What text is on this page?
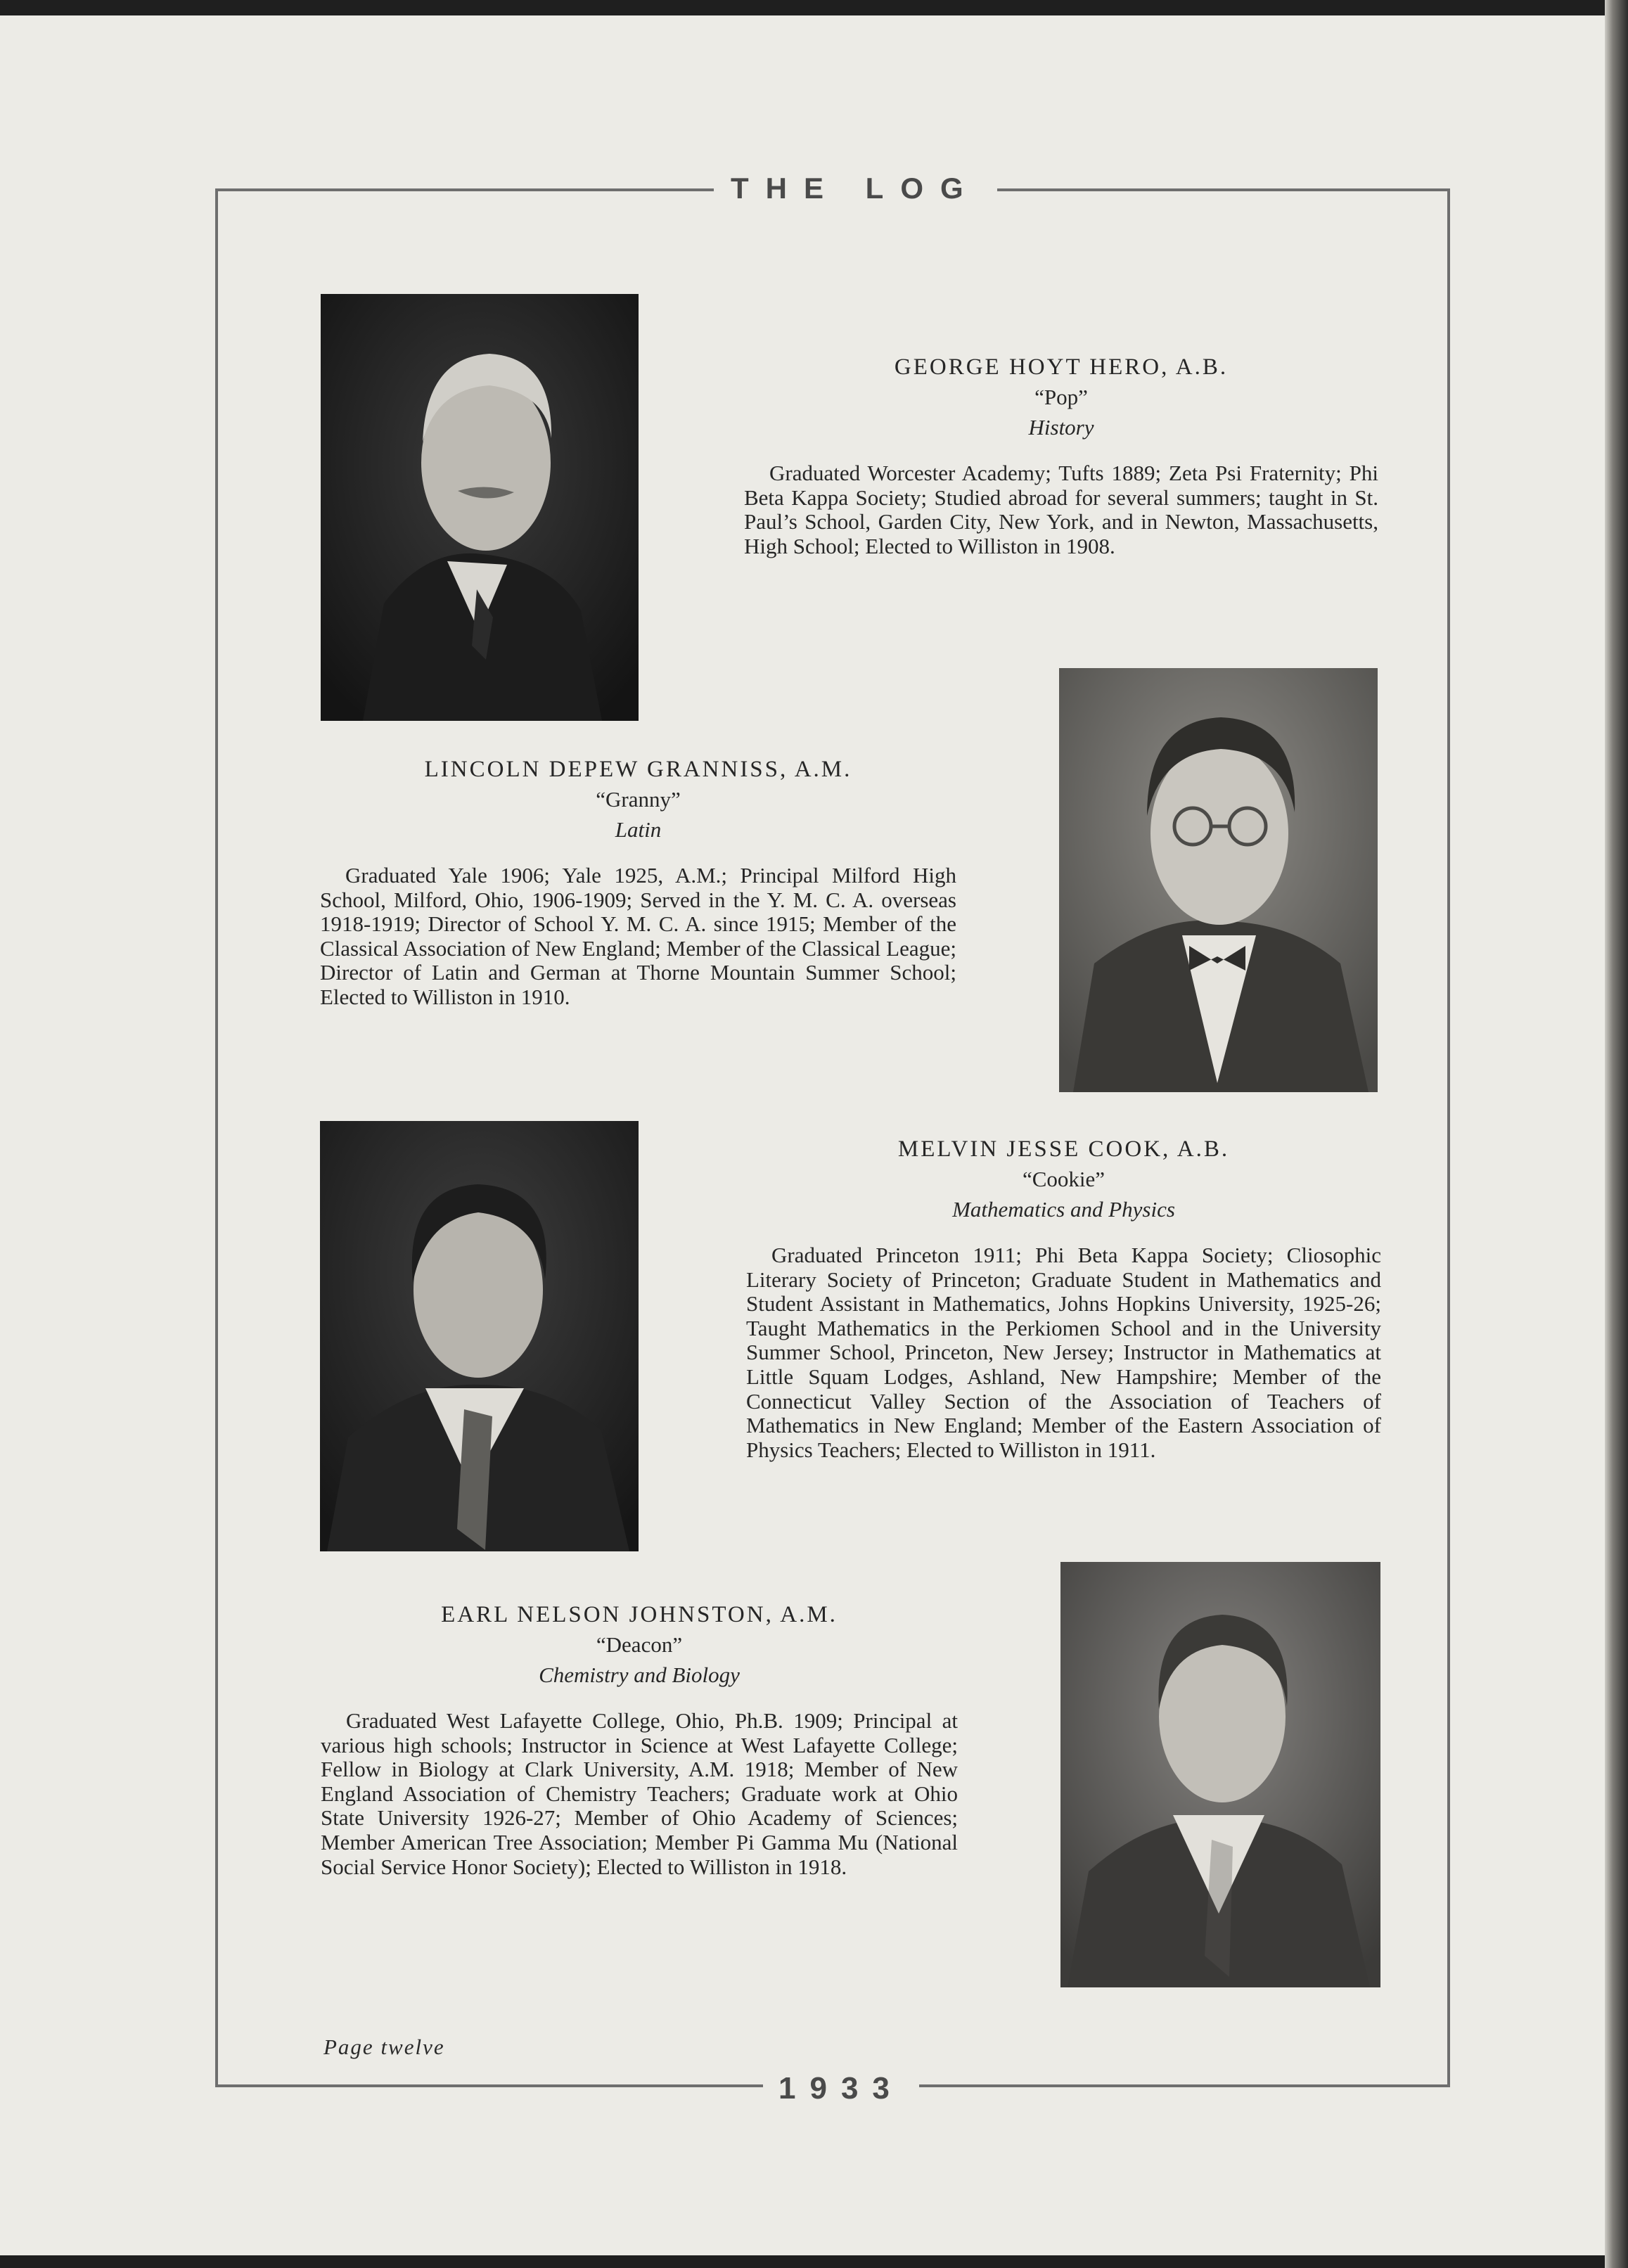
THE LOG
1933

GEORGE HOYT HERO, A.B.

“Pop”

History

Graduated Worcester Academy; Tufts 1889; Zeta Psi Fraternity; Phi Beta Kappa Society; Studied abroad for several summers; taught in St. Paul’s School, Garden City, New York, and in Newton, Massachusetts, High School; Elected to Williston in 1908.

LINCOLN DEPEW GRANNISS, A.M.

“Granny”

Latin

Graduated Yale 1906; Yale 1925, A.M.; Principal Milford High School, Milford, Ohio, 1906-1909; Served in the Y. M. C. A. overseas 1918-1919; Director of School Y. M. C. A. since 1915; Member of the Classical Association of New England; Member of the Classical League; Director of Latin and German at Thorne Mountain Summer School; Elected to Williston in 1910.

MELVIN JESSE COOK, A.B.

“Cookie”

Mathematics and Physics

Graduated Princeton 1911; Phi Beta Kappa Society; Cliosophic Literary Society of Princeton; Graduate Student in Mathematics and Student Assistant in Mathematics, Johns Hopkins University, 1925-26; Taught Mathematics in the Perkiomen School and in the University Summer School, Princeton, New Jersey; Instructor in Mathematics at Little Squam Lodges, Ashland, New Hampshire; Member of the Connecticut Valley Section of the Association of Teachers of Mathematics in New England; Member of the Eastern Association of Physics Teachers; Elected to Williston in 1911.

EARL NELSON JOHNSTON, A.M.

“Deacon”

Chemistry and Biology

Graduated West Lafayette College, Ohio, Ph.B. 1909; Principal at various high schools; Instructor in Science at West Lafayette College; Fellow in Biology at Clark University, A.M. 1918; Member of New England Association of Chemistry Teachers; Graduate work at Ohio State University 1926-27; Member of Ohio Academy of Sciences; Member American Tree Association; Member Pi Gamma Mu (National Social Service Honor Society); Elected to Williston in 1918.
Page twelve
